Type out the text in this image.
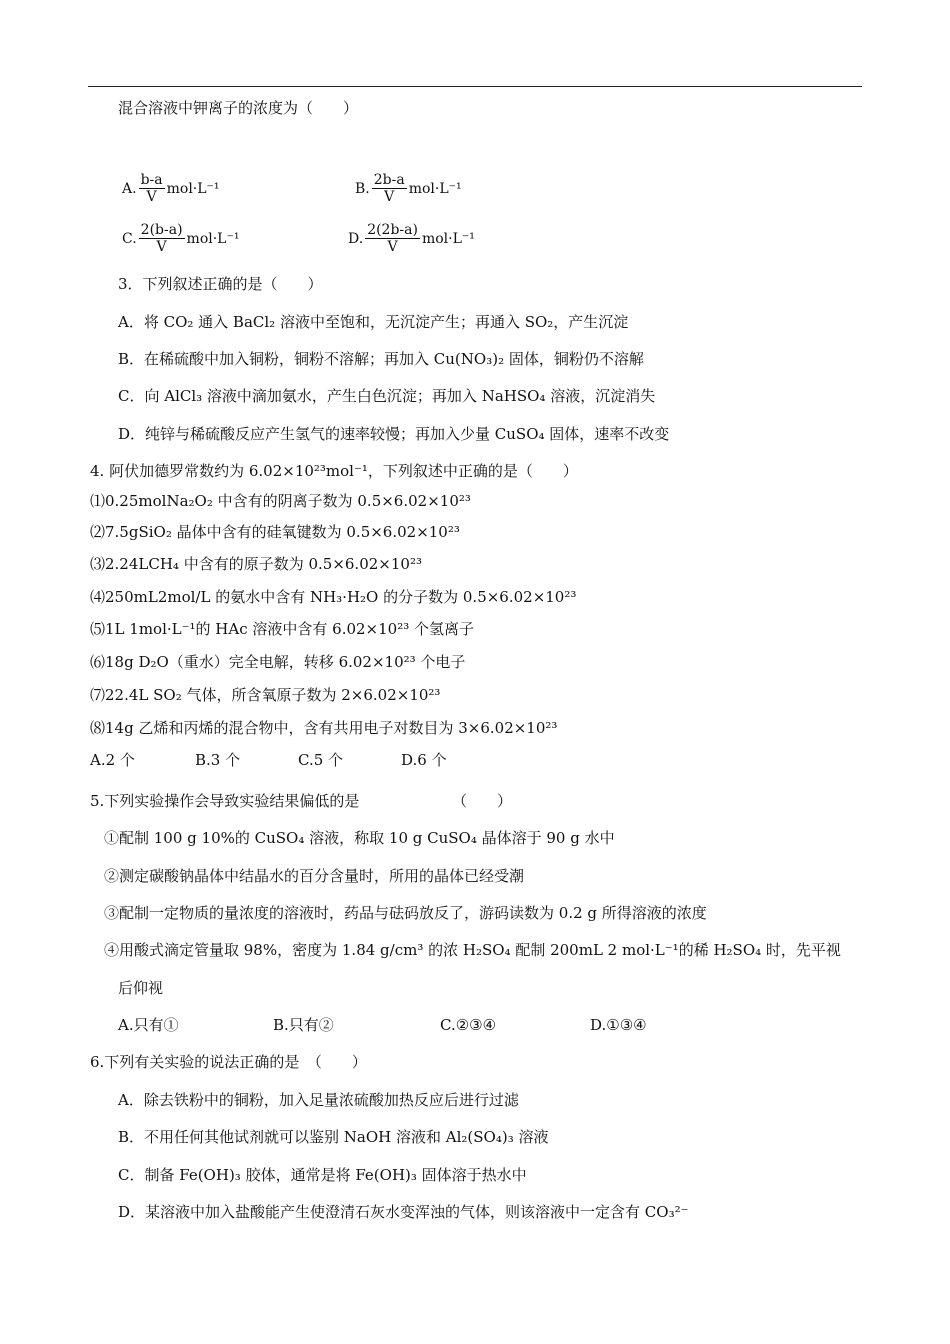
混合溶液中钾离子的浓度为（　　）
A. $\frac{b-a}{V} mol\cdot L^{-1}$	B. $\frac{2b-a}{V} mol\cdot L^{-1}$
C. $\frac{2(b-a)}{V} mol\cdot L^{-1}$	D. $\frac{2(2b-a)}{V} mol\cdot L^{-1}$
3．下列叙述正确的是（　　）
A．将 CO₂ 通入 BaCl₂ 溶液中至饱和，无沉淀产生；再通入 SO₂，产生沉淀
B．在稀硫酸中加入铜粉，铜粉不溶解；再加入 Cu(NO₃)₂ 固体，铜粉仍不溶解
C．向 AlCl₃ 溶液中滴加氨水，产生白色沉淀；再加入 NaHSO₄ 溶液，沉淀消失
D．纯锌与稀硫酸反应产生氢气的速率较慢；再加入少量 CuSO₄ 固体，速率不改变
4. 阿伏加德罗常数约为 6.02×10²³mol⁻¹，下列叙述中正确的是（　　）
⑴0.25molNa₂O₂ 中含有的阴离子数为 0.5×6.02×10²³
⑵7.5gSiO₂ 晶体中含有的硅氧键数为 0.5×6.02×10²³
⑶2.24LCH₄ 中含有的原子数为 0.5×6.02×10²³
⑷250mL2mol/L 的氨水中含有 NH₃·H₂O 的分子数为 0.5×6.02×10²³
⑸1L 1mol·L⁻¹的 HAc 溶液中含有 6.02×10²³ 个氢离子
⑹18g D₂O（重水）完全电解，转移 6.02×10²³ 个电子
⑺22.4L SO₂ 气体，所含氧原子数为 2×6.02×10²³
⑻14g 乙烯和丙烯的混合物中，含有共用电子对数目为 3×6.02×10²³
A.2 个	B.3 个	C.5 个	D.6 个
5.下列实验操作会导致实验结果偏低的是	（　　）
①配制 100 g 10%的 CuSO₄ 溶液，称取 10 g CuSO₄ 晶体溶于 90 g 水中
②测定碳酸钠晶体中结晶水的百分含量时，所用的晶体已经受潮
③配制一定物质的量浓度的溶液时，药品与砝码放反了，游码读数为 0.2 g 所得溶液的浓度
④用酸式滴定管量取 98%，密度为 1.84 g/cm³ 的浓 H₂SO₄ 配制 200mL 2 mol·L⁻¹的稀 H₂SO₄ 时，先平视
后仰视
A.只有①	B.只有②	C.②③④	D.①③④
6.下列有关实验的说法正确的是　（　　）
A．除去铁粉中的铜粉，加入足量浓硫酸加热反应后进行过滤
B．不用任何其他试剂就可以鉴别 NaOH 溶液和 Al₂(SO₄)₃ 溶液
C．制备 Fe(OH)₃ 胶体，通常是将 Fe(OH)₃ 固体溶于热水中
D．某溶液中加入盐酸能产生使澄清石灰水变浑浊的气体，则该溶液中一定含有 CO₃²⁻
